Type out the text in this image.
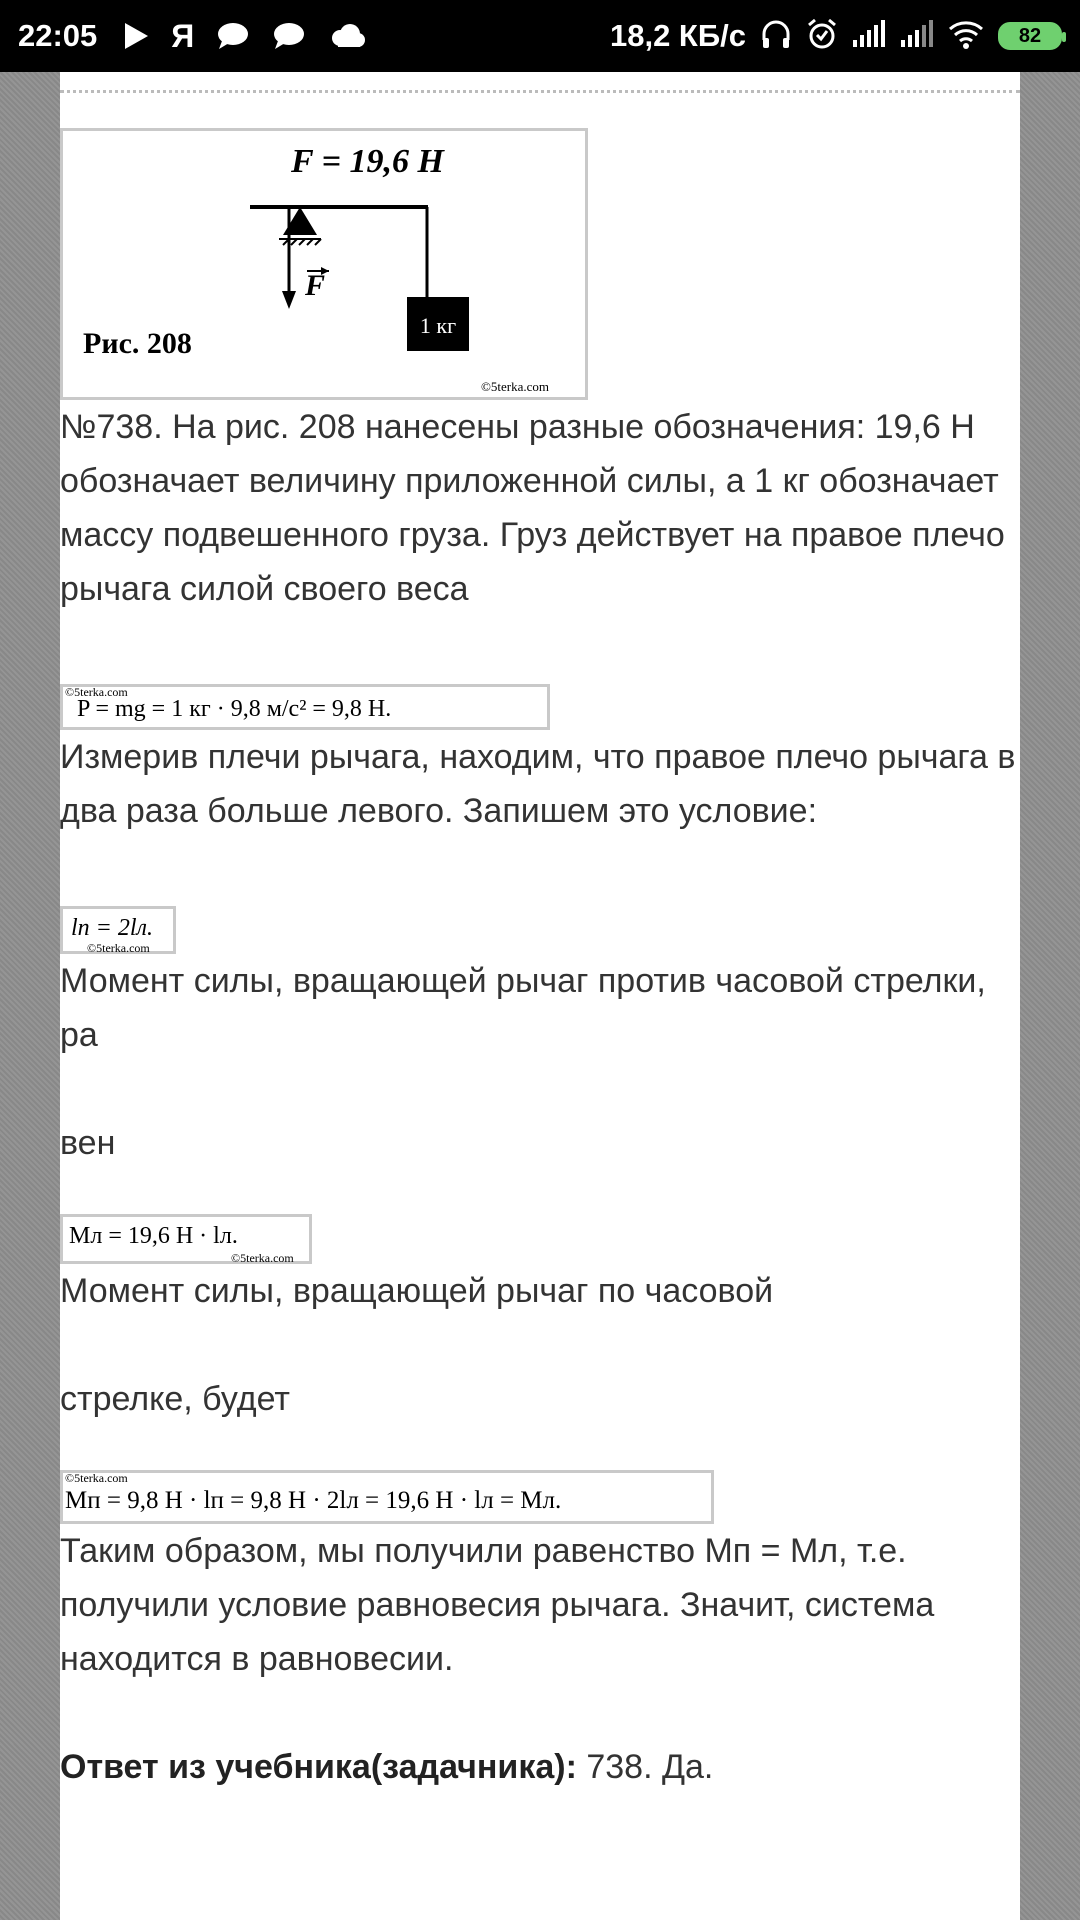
22:05 Я	18,2 КБ/с	82
F = 19,6 H
F
Рис. 208
1 кг
©5terka.com

№738. На рис. 208 нанесены разные обозначения: 19,6 Н обозначает величину приложенной силы, а 1 кг обозначает массу подвешенного груза. Груз действует на правое плечо рычага силой своего веса

©5terka.com
P = mg = 1 кг · 9,8 м/с² = 9,8 Н.

Измерив плечи рычага, находим, что правое плечо рычага в два раза больше левого. Запишем это условие:

lп = 2lл.
©5terka.com

Момент силы, вращающей рычаг против часовой стрелки, ра

вен

Mл = 19,6 Н · lл.
©5terka.com

Момент силы, вращающей рычаг по часовой

стрелке, будет

©5terka.com
Mп = 9,8 Н · lп = 9,8 Н · 2lл = 19,6 Н · lл = Mл.

Таким образом, мы получили равенство Mп = Mл, т.е. получили условие равновесия рычага. Значит, система находится в равновесии.

Ответ из учебника(задачника): 738. Да.
